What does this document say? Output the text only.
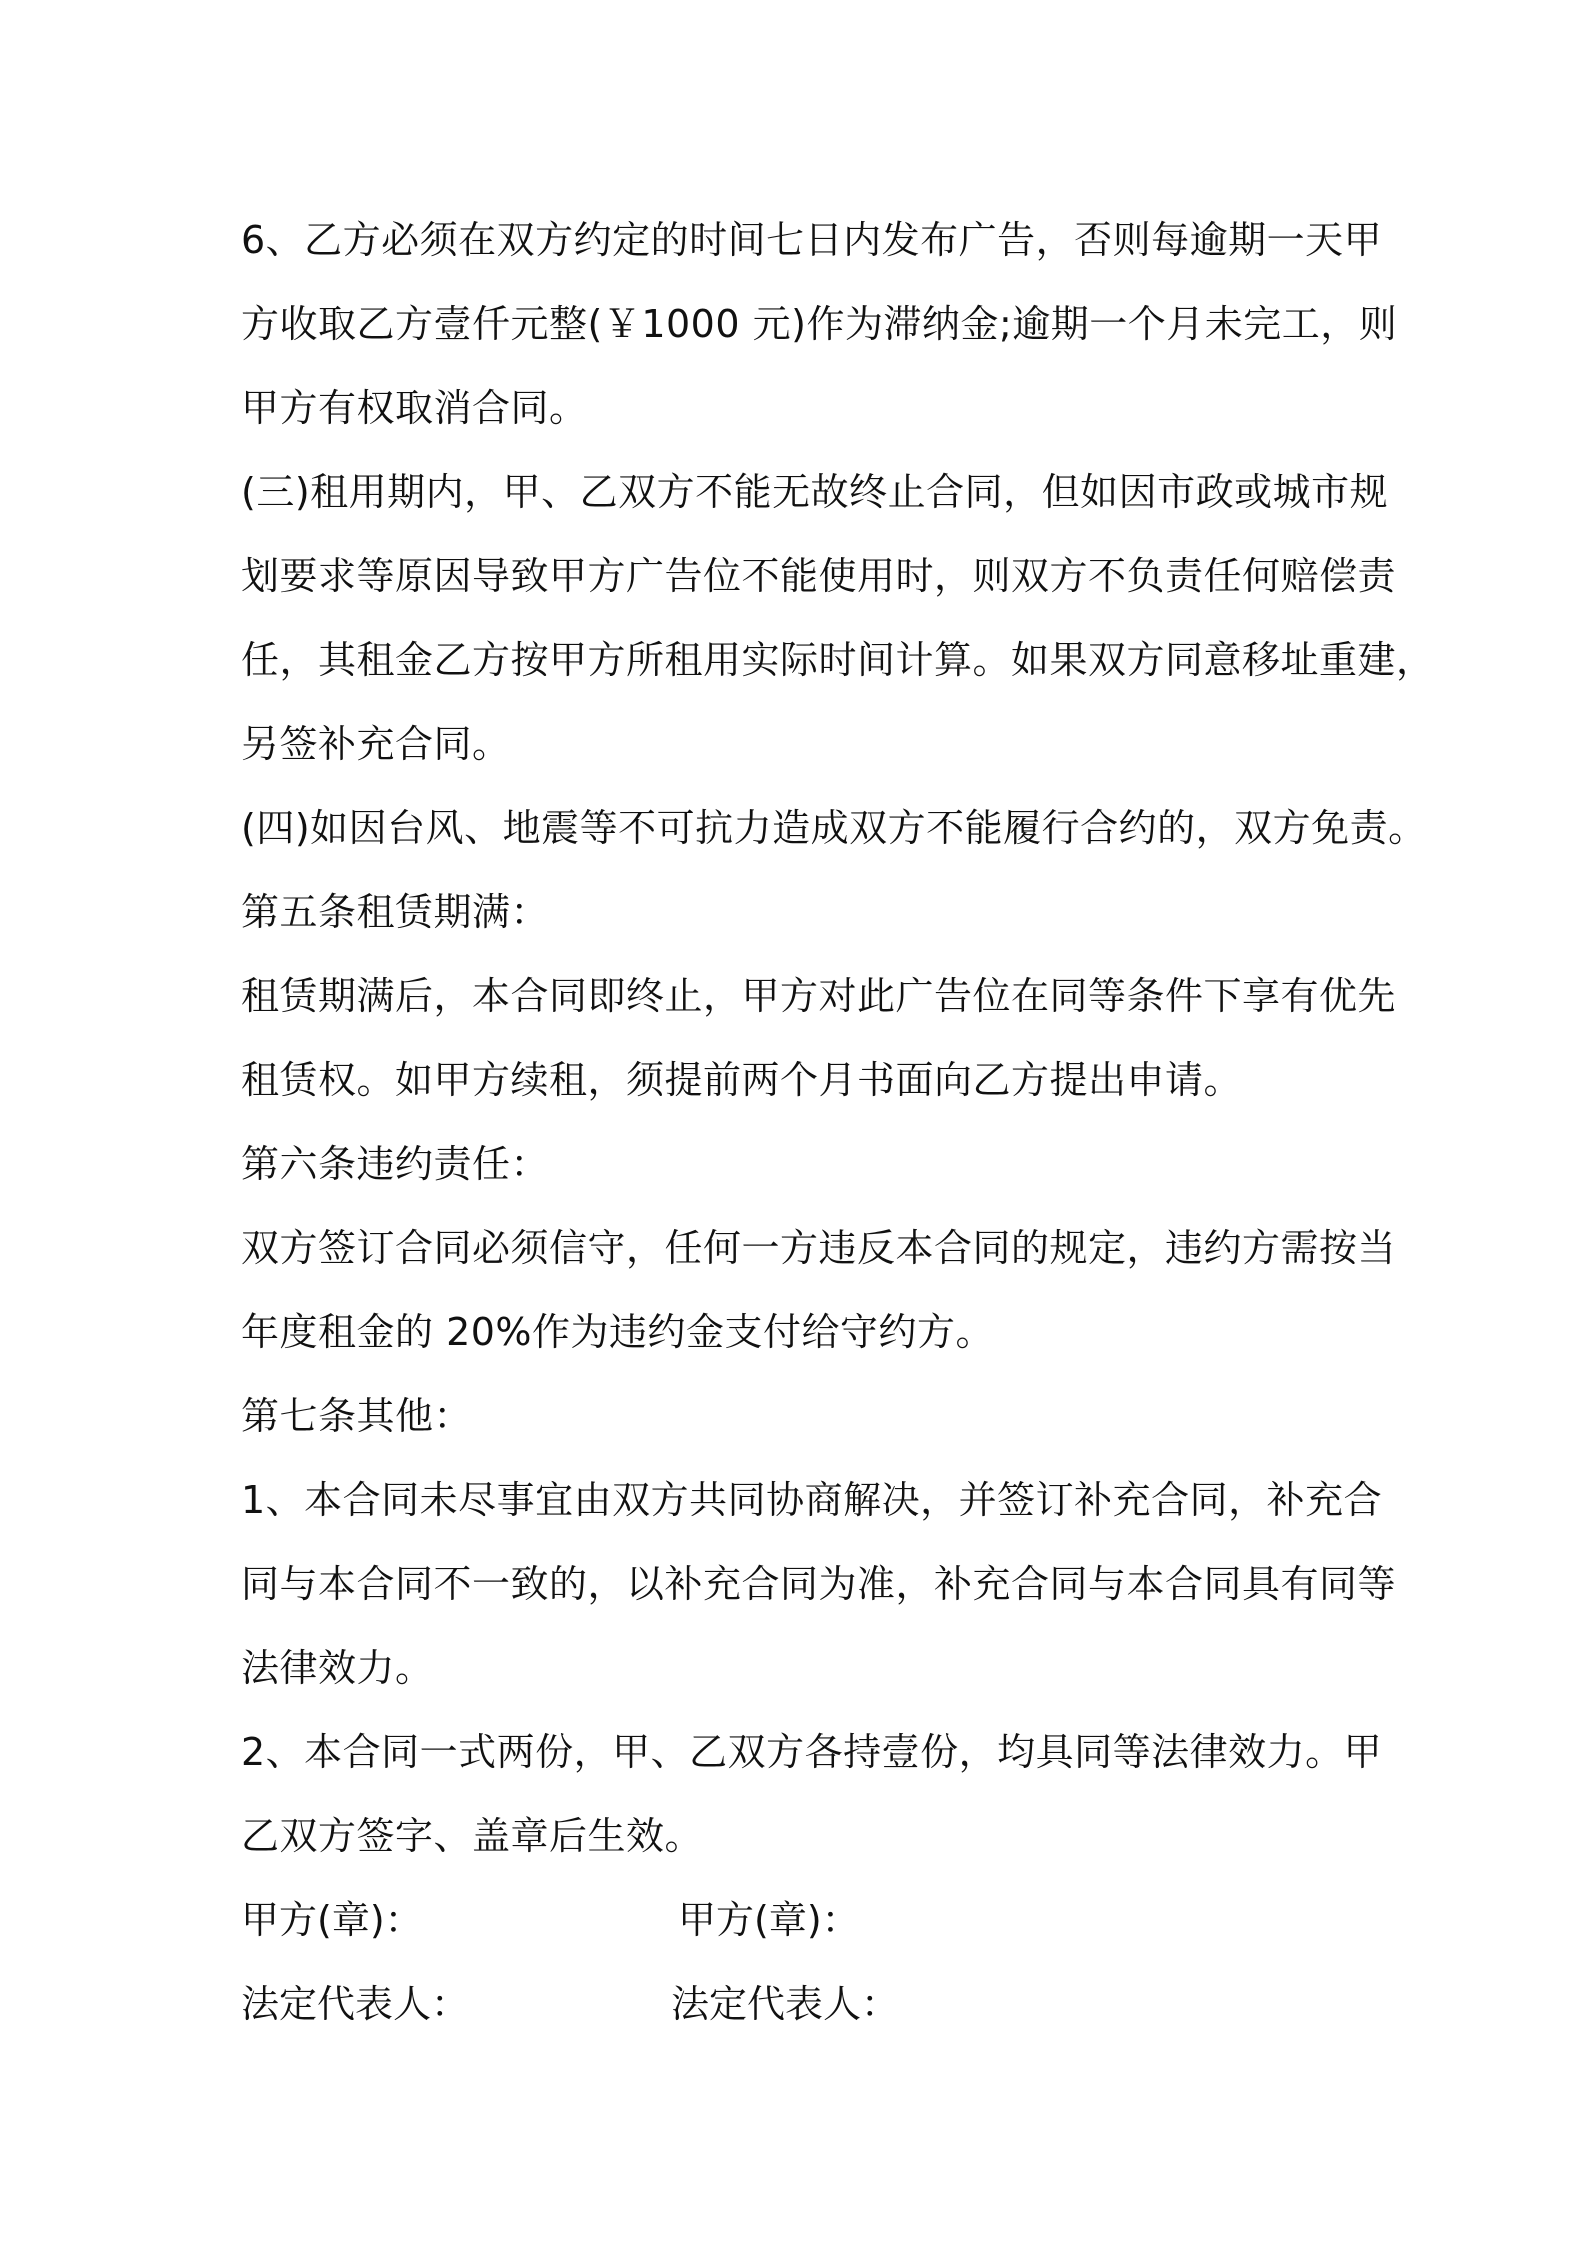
6、乙方必须在双方约定的时间七日内发布广告，否则每逾期一天甲
方收取乙方壹仟元整(￥1000 元)作为滞纳金;逾期一个月未完工，则
甲方有权取消合同。
(三)租用期内，甲、乙双方不能无故终止合同，但如因市政或城市规
划要求等原因导致甲方广告位不能使用时，则双方不负责任何赔偿责
任，其租金乙方按甲方所租用实际时间计算。如果双方同意移址重建，
另签补充合同。
(四)如因台风、地震等不可抗力造成双方不能履行合约的，双方免责。
第五条租赁期满：
租赁期满后，本合同即终止，甲方对此广告位在同等条件下享有优先
租赁权。如甲方续租，须提前两个月书面向乙方提出申请。
第六条违约责任：
双方签订合同必须信守，任何一方违反本合同的规定，违约方需按当
年度租金的 20%作为违约金支付给守约方。
第七条其他：
1、本合同未尽事宜由双方共同协商解决，并签订补充合同，补充合
同与本合同不一致的，以补充合同为准，补充合同与本合同具有同等
法律效力。
2、本合同一式两份，甲、乙双方各持壹份，均具同等法律效力。甲
乙双方签字、盖章后生效。
甲方(章)：	甲方(章)：
法定代表人：	法定代表人：
